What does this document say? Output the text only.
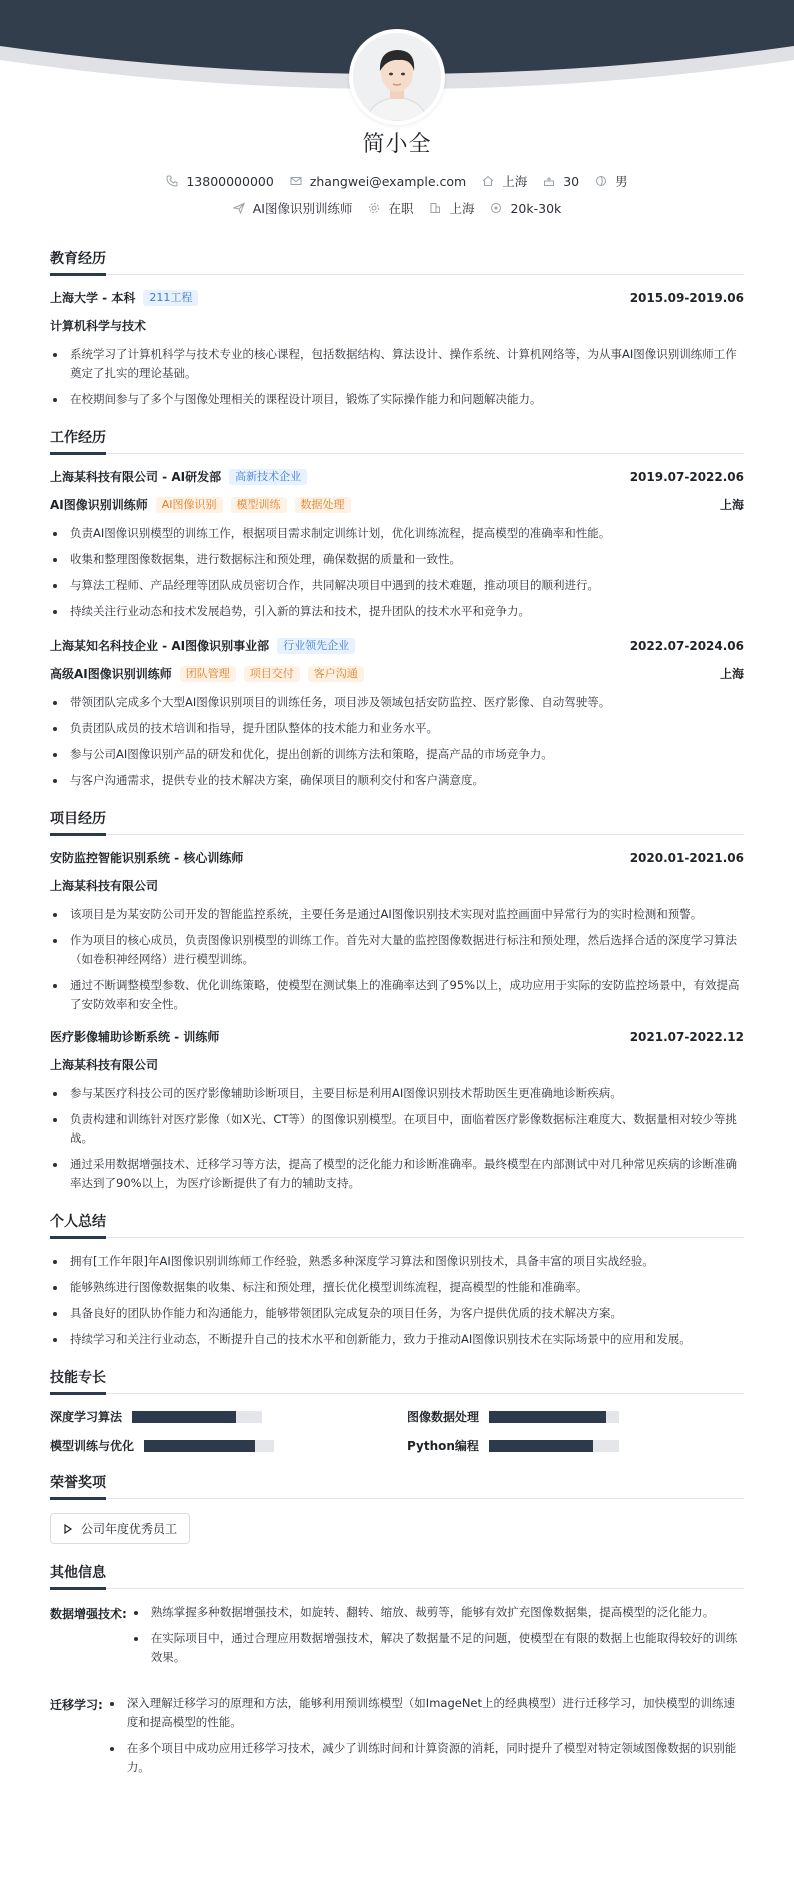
简小全
13800000000	zhangwei@example.com	上海	30	男
AI图像识别训练师	在职	上海	20k-30k
教育经历
上海大学 - 本科	211工程	2015.09-2019.06
计算机科学与技术
系统学习了计算机科学与技术专业的核心课程，包括数据结构、算法设计、操作系统、计算机网络等，为从事AI图像识别训练师工作奠定了扎实的理论基础。
在校期间参与了多个与图像处理相关的课程设计项目，锻炼了实际操作能力和问题解决能力。
工作经历
上海某科技有限公司 - AI研发部	高新技术企业	2019.07-2022.06
AI图像识别训练师	AI图像识别	模型训练	数据处理	上海
负责AI图像识别模型的训练工作，根据项目需求制定训练计划，优化训练流程，提高模型的准确率和性能。
收集和整理图像数据集，进行数据标注和预处理，确保数据的质量和一致性。
与算法工程师、产品经理等团队成员密切合作，共同解决项目中遇到的技术难题，推动项目的顺利进行。
持续关注行业动态和技术发展趋势，引入新的算法和技术，提升团队的技术水平和竞争力。
上海某知名科技企业 - AI图像识别事业部	行业领先企业	2022.07-2024.06
高级AI图像识别训练师	团队管理	项目交付	客户沟通	上海
带领团队完成多个大型AI图像识别项目的训练任务，项目涉及领域包括安防监控、医疗影像、自动驾驶等。
负责团队成员的技术培训和指导，提升团队整体的技术能力和业务水平。
参与公司AI图像识别产品的研发和优化，提出创新的训练方法和策略，提高产品的市场竞争力。
与客户沟通需求，提供专业的技术解决方案，确保项目的顺利交付和客户满意度。
项目经历
安防监控智能识别系统 - 核心训练师	2020.01-2021.06
上海某科技有限公司
该项目是为某安防公司开发的智能监控系统，主要任务是通过AI图像识别技术实现对监控画面中异常行为的实时检测和预警。
作为项目的核心成员，负责图像识别模型的训练工作。首先对大量的监控图像数据进行标注和预处理，然后选择合适的深度学习算法（如卷积神经网络）进行模型训练。
通过不断调整模型参数、优化训练策略，使模型在测试集上的准确率达到了95%以上，成功应用于实际的安防监控场景中，有效提高了安防效率和安全性。
医疗影像辅助诊断系统 - 训练师	2021.07-2022.12
上海某科技有限公司
参与某医疗科技公司的医疗影像辅助诊断项目，主要目标是利用AI图像识别技术帮助医生更准确地诊断疾病。
负责构建和训练针对医疗影像（如X光、CT等）的图像识别模型。在项目中，面临着医疗影像数据标注难度大、数据量相对较少等挑战。
通过采用数据增强技术、迁移学习等方法，提高了模型的泛化能力和诊断准确率。最终模型在内部测试中对几种常见疾病的诊断准确率达到了90%以上，为医疗诊断提供了有力的辅助支持。
个人总结
拥有[工作年限]年AI图像识别训练师工作经验，熟悉多种深度学习算法和图像识别技术，具备丰富的项目实战经验。
能够熟练进行图像数据集的收集、标注和预处理，擅长优化模型训练流程，提高模型的性能和准确率。
具备良好的团队协作能力和沟通能力，能够带领团队完成复杂的项目任务，为客户提供优质的技术解决方案。
持续学习和关注行业动态，不断提升自己的技术水平和创新能力，致力于推动AI图像识别技术在实际场景中的应用和发展。
技能专长
深度学习算法	图像数据处理
模型训练与优化	Python编程
荣誉奖项
公司年度优秀员工
其他信息
数据增强技术:	熟练掌握多种数据增强技术，如旋转、翻转、缩放、裁剪等，能够有效扩充图像数据集，提高模型的泛化能力。
在实际项目中，通过合理应用数据增强技术，解决了数据量不足的问题，使模型在有限的数据上也能取得较好的训练效果。
迁移学习:	深入理解迁移学习的原理和方法，能够利用预训练模型（如ImageNet上的经典模型）进行迁移学习，加快模型的训练速度和提高模型的性能。
在多个项目中成功应用迁移学习技术，减少了训练时间和计算资源的消耗，同时提升了模型对特定领域图像数据的识别能力。
